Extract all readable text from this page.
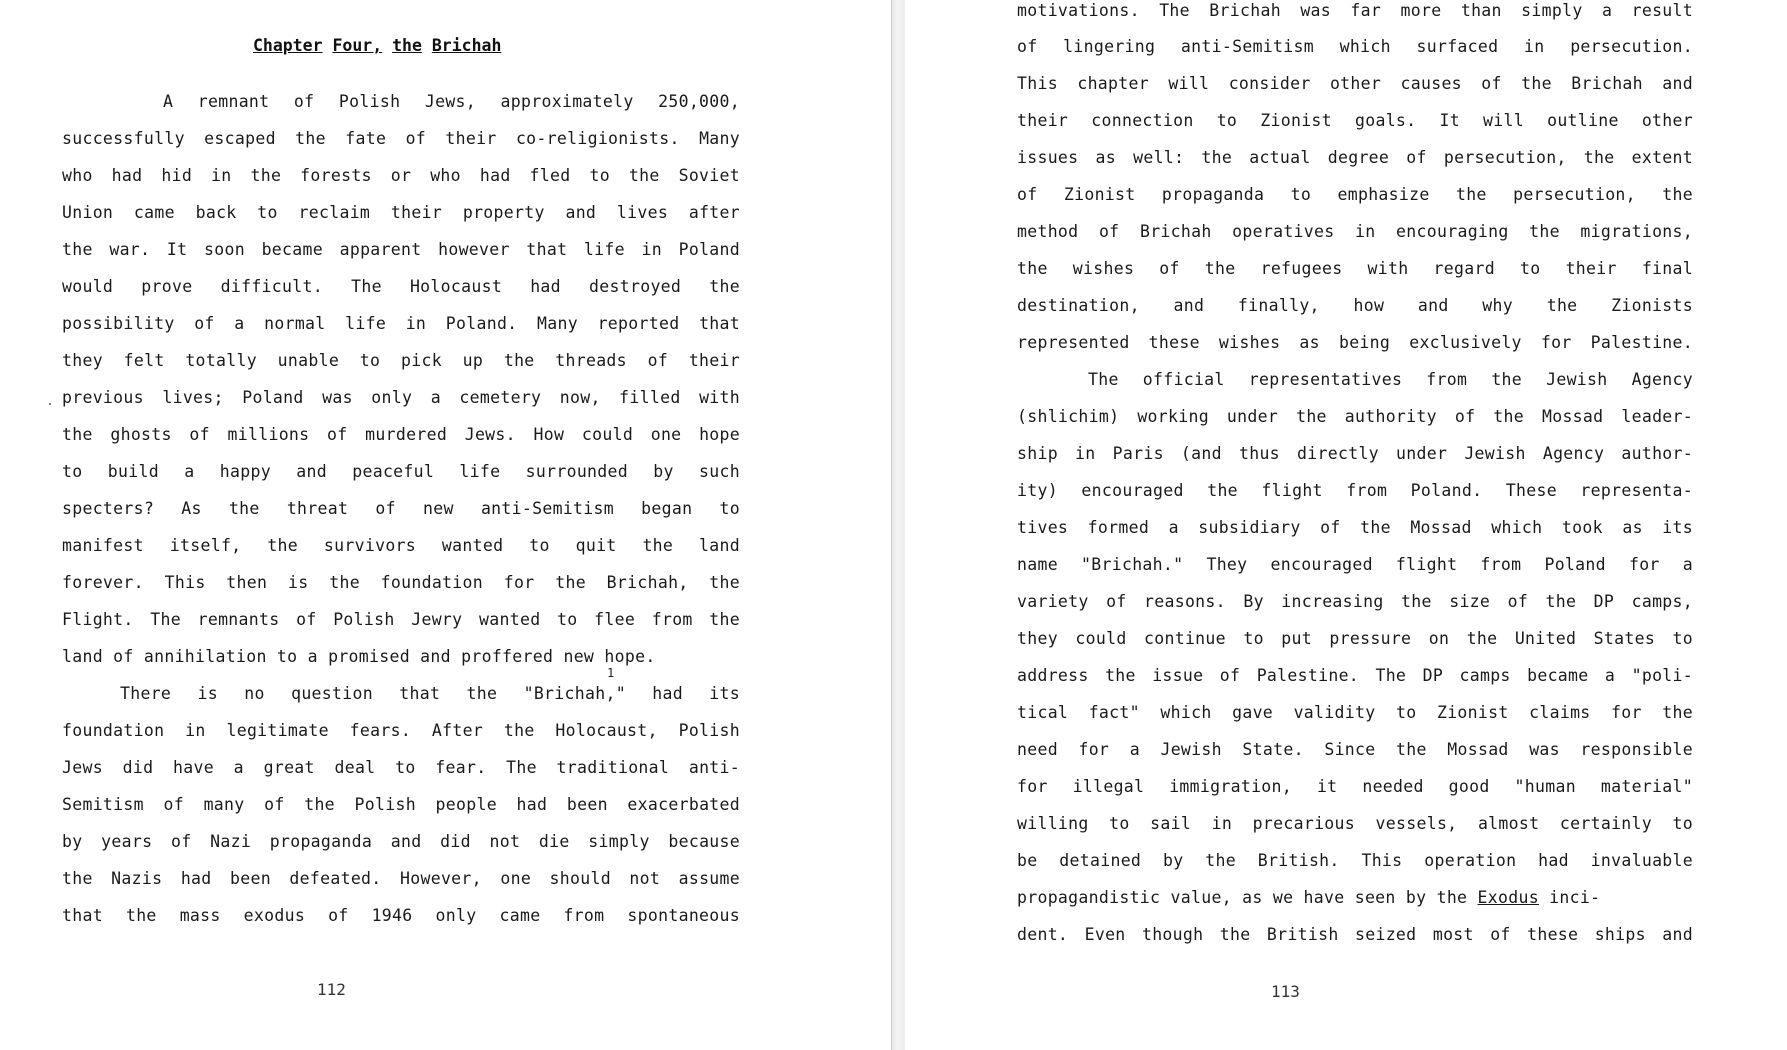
Chapter Four, the Brichah
A remnant of Polish Jews, approximately 250,000,
successfully escaped the fate of their co-religionists. Many
who had hid in the forests or who had fled to the Soviet
Union came back to reclaim their property and lives after
the war. It soon became apparent however that life in Poland
would prove difficult. The Holocaust had destroyed the
possibility of a normal life in Poland. Many reported that
they felt totally unable to pick up the threads of their
previous lives; Poland was only a cemetery now, filled with
the ghosts of millions of murdered Jews. How could one hope
to build a happy and peaceful life surrounded by such
specters? As the threat of new anti-Semitism began to
manifest itself, the survivors wanted to quit the land
forever. This then is the foundation for the Brichah, the
Flight. The remnants of Polish Jewry wanted to flee from the
land of annihilation to a promised and proffered new hope.
1
There is no question that the "Brichah," had its
foundation in legitimate fears. After the Holocaust, Polish
Jews did have a great deal to fear. The traditional anti-
Semitism of many of the Polish people had been exacerbated
by years of Nazi propaganda and did not die simply because
the Nazis had been defeated. However, one should not assume
that the mass exodus of 1946 only came from spontaneous
112
motivations. The Brichah was far more than simply a result
of lingering anti-Semitism which surfaced in persecution.
This chapter will consider other causes of the Brichah and
their connection to Zionist goals. It will outline other
issues as well: the actual degree of persecution, the extent
of Zionist propaganda to emphasize the persecution, the
method of Brichah operatives in encouraging the migrations,
the wishes of the refugees with regard to their final
destination, and finally, how and why the Zionists
represented these wishes as being exclusively for Palestine.
The official representatives from the Jewish Agency
(shlichim) working under the authority of the Mossad leader-
ship in Paris (and thus directly under Jewish Agency author-
ity) encouraged the flight from Poland. These representa-
tives formed a subsidiary of the Mossad which took as its
name "Brichah." They encouraged flight from Poland for a
variety of reasons. By increasing the size of the DP camps,
they could continue to put pressure on the United States to
address the issue of Palestine. The DP camps became a "poli-
tical fact" which gave validity to Zionist claims for the
need for a Jewish State. Since the Mossad was responsible
for illegal immigration, it needed good "human material"
willing to sail in precarious vessels, almost certainly to
be detained by the British. This operation had invaluable
propagandistic value, as we have seen by the Exodus inci-
dent. Even though the British seized most of these ships and
113
